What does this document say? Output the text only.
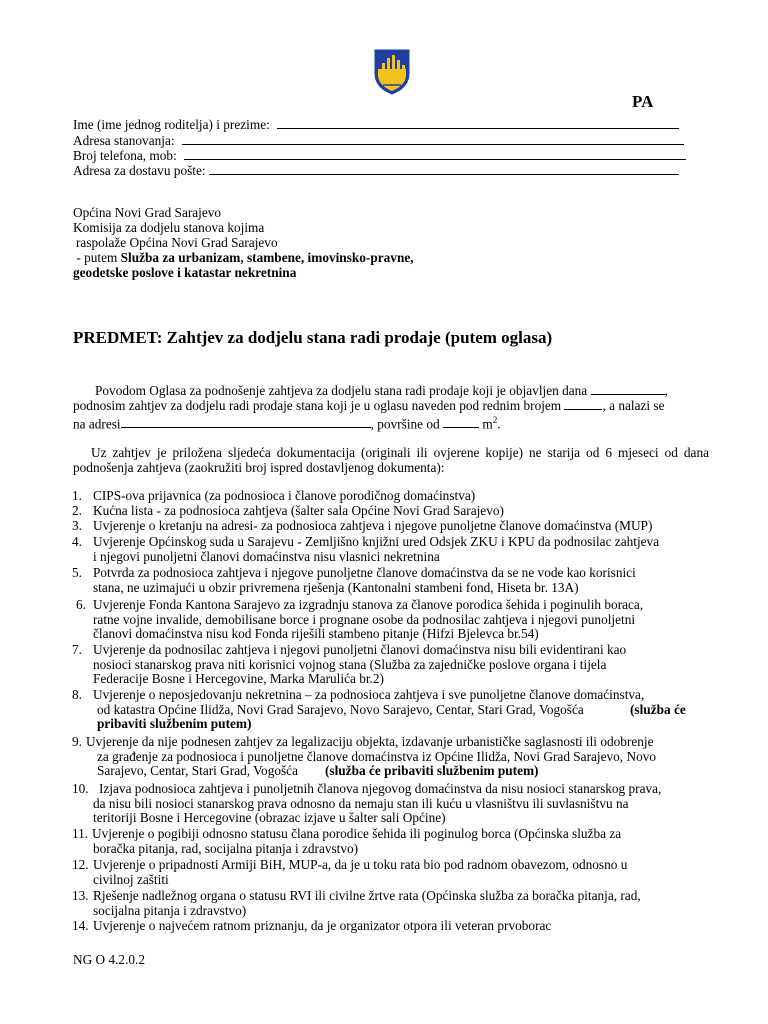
PA
Ime (ime jednog roditelja) i prezime:
Adresa stanovanja:
Broj telefona, mob:
Adresa za dostavu pošte:
Općina Novi Grad Sarajevo
Komisija za dodjelu stanova kojima
raspolaže Općina Novi Grad Sarajevo
- putem Služba za urbanizam, stambene, imovinsko-pravne,
geodetske poslove i katastar nekretnina
PREDMET: Zahtjev za dodjelu stana radi prodaje (putem oglasa)
Povodom Oglasa za podnošenje zahtjeva za dodjelu stana radi prodaje koji je objavljen dana	,
podnosim zahtjev za dodjelu radi prodaje stana koji je u oglasu naveden pod rednim brojem	, a nalazi se
na adresi	, površine od	$m^2$.
Uz zahtjev je priložena sljedeća dokumentacija (originali ili ovjerene kopije) ne starija od 6 mjeseci od dana podnošenja zahtjeva (zaokružiti broj ispred dostavljenog dokumenta):
1. CIPS-ova prijavnica (za podnosioca i članove porodičnog domaćinstva)
2. Kućna lista - za podnosioca zahtjeva (šalter sala Općine Novi Grad Sarajevo)
3. Uvjerenje o kretanju na adresi- za podnosioca zahtjeva i njegove punoljetne članove domaćinstva (MUP)
4. Uvjerenje Općinskog suda u Sarajevu - Zemljišno knjižni ured Odsjek ZKU i KPU da podnosilac zahtjeva
i njegovi punoljetni članovi domaćinstva nisu vlasnici nekretnina
5. Potvrda za podnosioca zahtjeva i njegove punoljetne članove domaćinstva da se ne vode kao korisnici
stana, ne uzimajući u obzir privremena rješenja (Kantonalni stambeni fond, Hiseta br. 13A)
6. Uvjerenje Fonda Kantona Sarajevo za izgradnju stanova za članove porodica šehida i poginulih boraca,
ratne vojne invalide, demobilisane borce i prognane osobe da podnosilac zahtjeva i njegovi punoljetni
članovi domaćinstva nisu kod Fonda riješili stambeno pitanje (Hifzi Bjelevca br.54)
7. Uvjerenje da podnosilac zahtjeva i njegovi punoljetni članovi domaćinstva nisu bili evidentirani kao
nosioci stanarskog prava niti korisnici vojnog stana (Služba za zajedničke poslove organa i tijela
Federacije Bosne i Hercegovine, Marka Marulića br.2)
8. Uvjerenje o neposjedovanju nekretnina – za podnosioca zahtjeva i sve punoljetne članove domaćinstva,
od katastra Općine Ilidža, Novi Grad Sarajevo, Novo Sarajevo, Centar, Stari Grad, Vogošća	(služba će
pribaviti službenim putem)
9. Uvjerenje da nije podnesen zahtjev za legalizaciju objekta, izdavanje urbanističke saglasnosti ili odobrenje
za građenje za podnosioca i punoljetne članove domaćinstva iz Općine Ilidža, Novi Grad Sarajevo, Novo
Sarajevo, Centar, Stari Grad, Vogošća (služba će pribaviti službenim putem)
10. Izjava podnosioca zahtjeva i punoljetnih članova njegovog domaćinstva da nisu nosioci stanarskog prava,
da nisu bili nosioci stanarskog prava odnosno da nemaju stan ili kuću u vlasništvu ili suvlasništvu na
teritoriji Bosne i Hercegovine (obrazac izjave u šalter sali Općine)
11. Uvjerenje o pogibiji odnosno statusu člana porodice šehida ili poginulog borca (Općinska služba za
boračka pitanja, rad, socijalna pitanja i zdravstvo)
12. Uvjerenje o pripadnosti Armiji BiH, MUP-a, da je u toku rata bio pod radnom obavezom, odnosno u
civilnoj zaštiti
13. Rješenje nadležnog organa o statusu RVI ili civilne žrtve rata (Općinska služba za boračka pitanja, rad,
socijalna pitanja i zdravstvo)
14. Uvjerenje o najvećem ratnom priznanju, da je organizator otpora ili veteran prvoborac
NG O 4.2.0.2
